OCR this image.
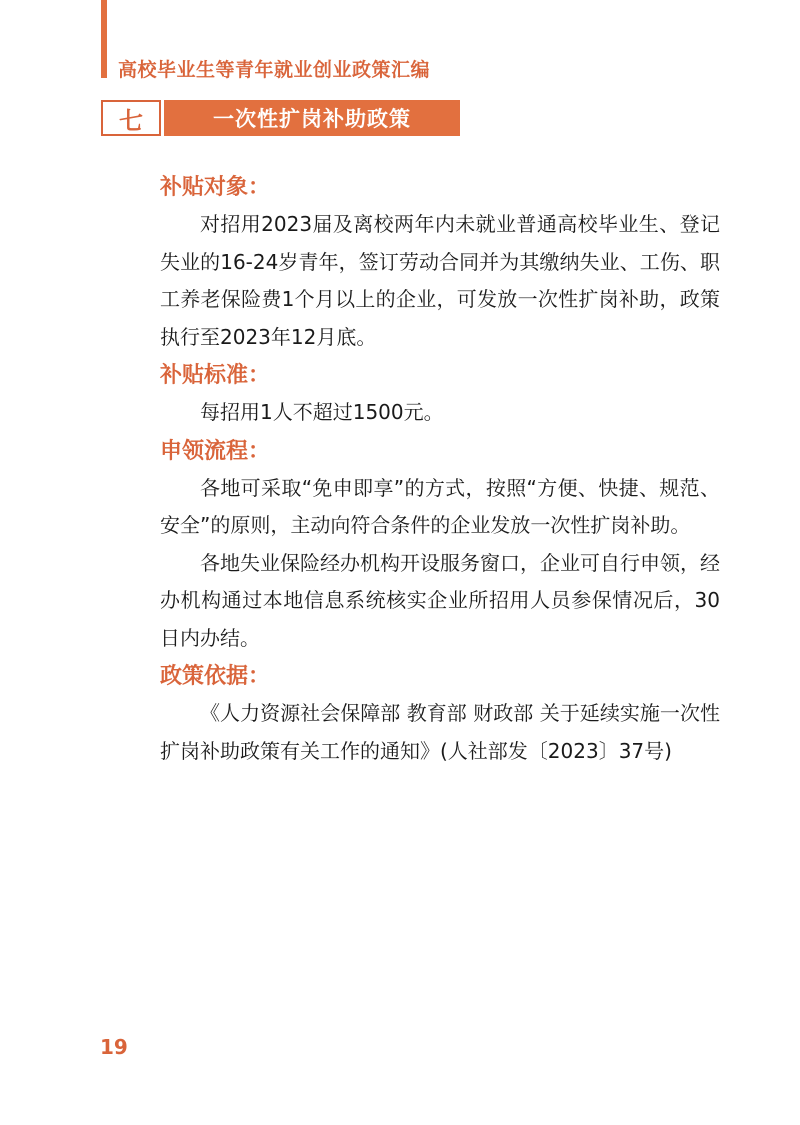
高校毕业生等青年就业创业政策汇编
七	一次性扩岗补助政策
补贴对象：

对招用2023届及离校两年内未就业普通高校毕业生、登记失业的16-24岁青年，签订劳动合同并为其缴纳失业、工伤、职工养老保险费1个月以上的企业，可发放一次性扩岗补助，政策执行至2023年12月底。

补贴标准：

每招用1人不超过1500元。

申领流程：

各地可采取“免申即享”的方式，按照“方便、快捷、规范、安全”的原则，主动向符合条件的企业发放一次性扩岗补助。

各地失业保险经办机构开设服务窗口，企业可自行申领，经办机构通过本地信息系统核实企业所招用人员参保情况后，30日内办结。

政策依据：

《人力资源社会保障部 教育部 财政部 关于延续实施一次性扩岗补助政策有关工作的通知》(人社部发〔2023〕37号)

19
